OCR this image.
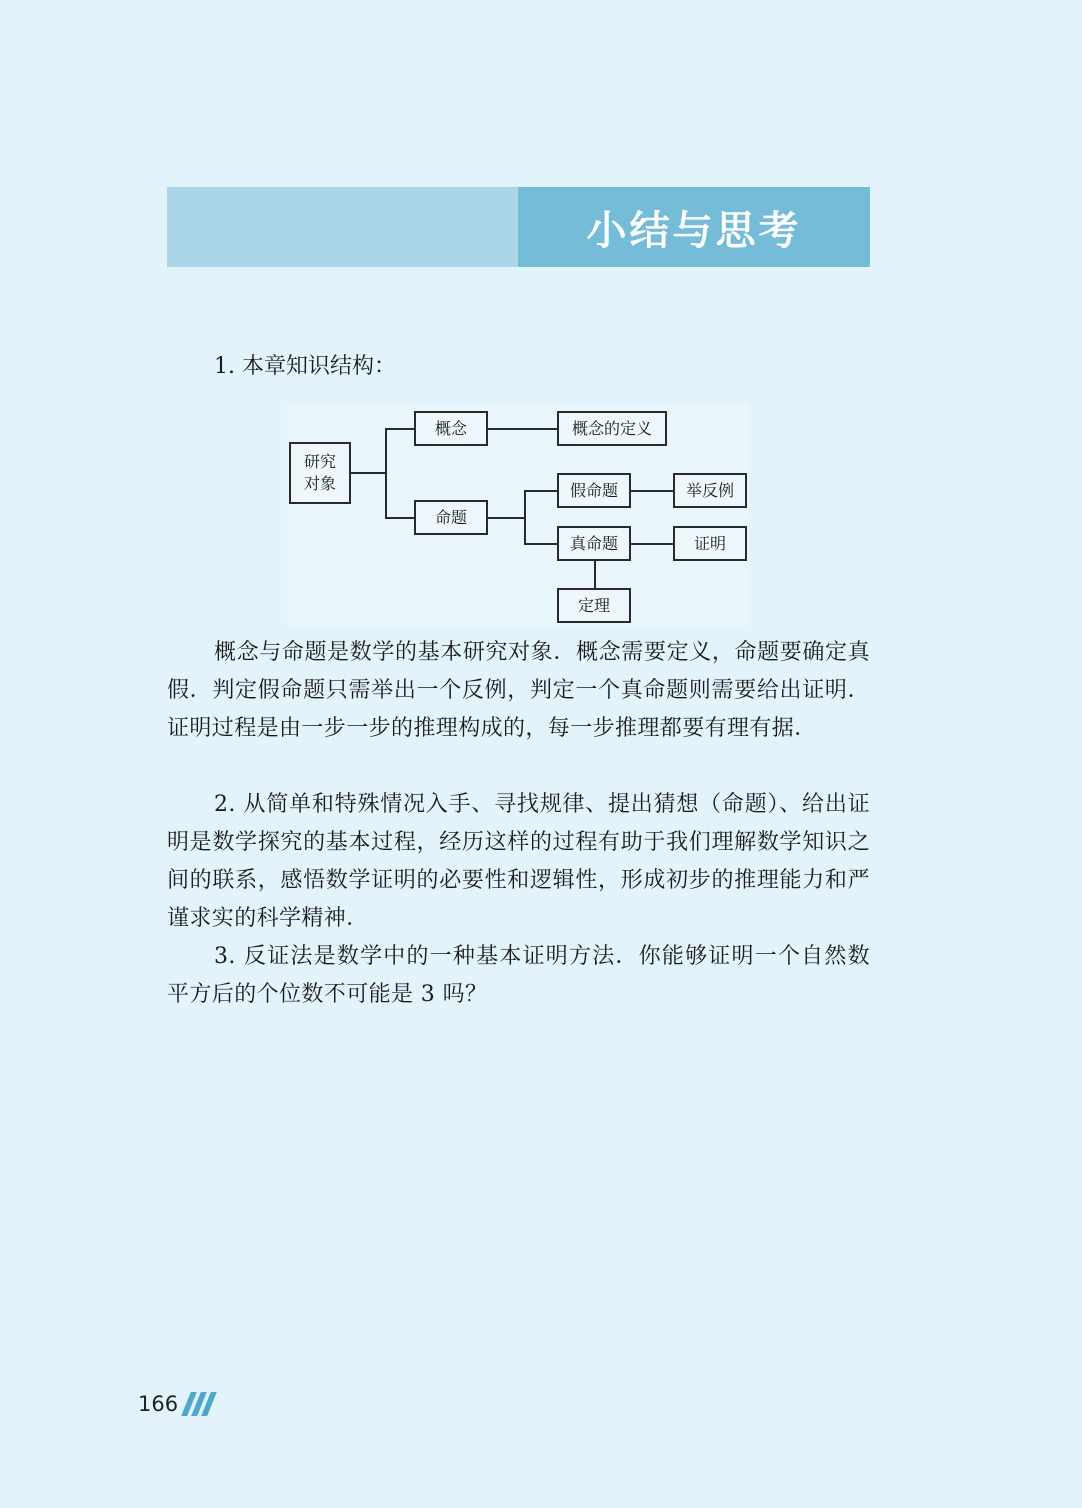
小结与思考
1. 本章知识结构：
研究
对象
概念	概念的定义
命题
假命题	举反例
真命题	证明
定理

概念与命题是数学的基本研究对象．概念需要定义，命题要确定真假．判定假命题只需举出一个反例，判定一个真命题则需要给出证明．证明过程是由一步一步的推理构成的，每一步推理都要有理有据．

2. 从简单和特殊情况入手、寻找规律、提出猜想（命题）、给出证明是数学探究的基本过程，经历这样的过程有助于我们理解数学知识之间的联系，感悟数学证明的必要性和逻辑性，形成初步的推理能力和严谨求实的科学精神．

3. 反证法是数学中的一种基本证明方法．你能够证明一个自然数平方后的个位数不可能是 3 吗？

166
